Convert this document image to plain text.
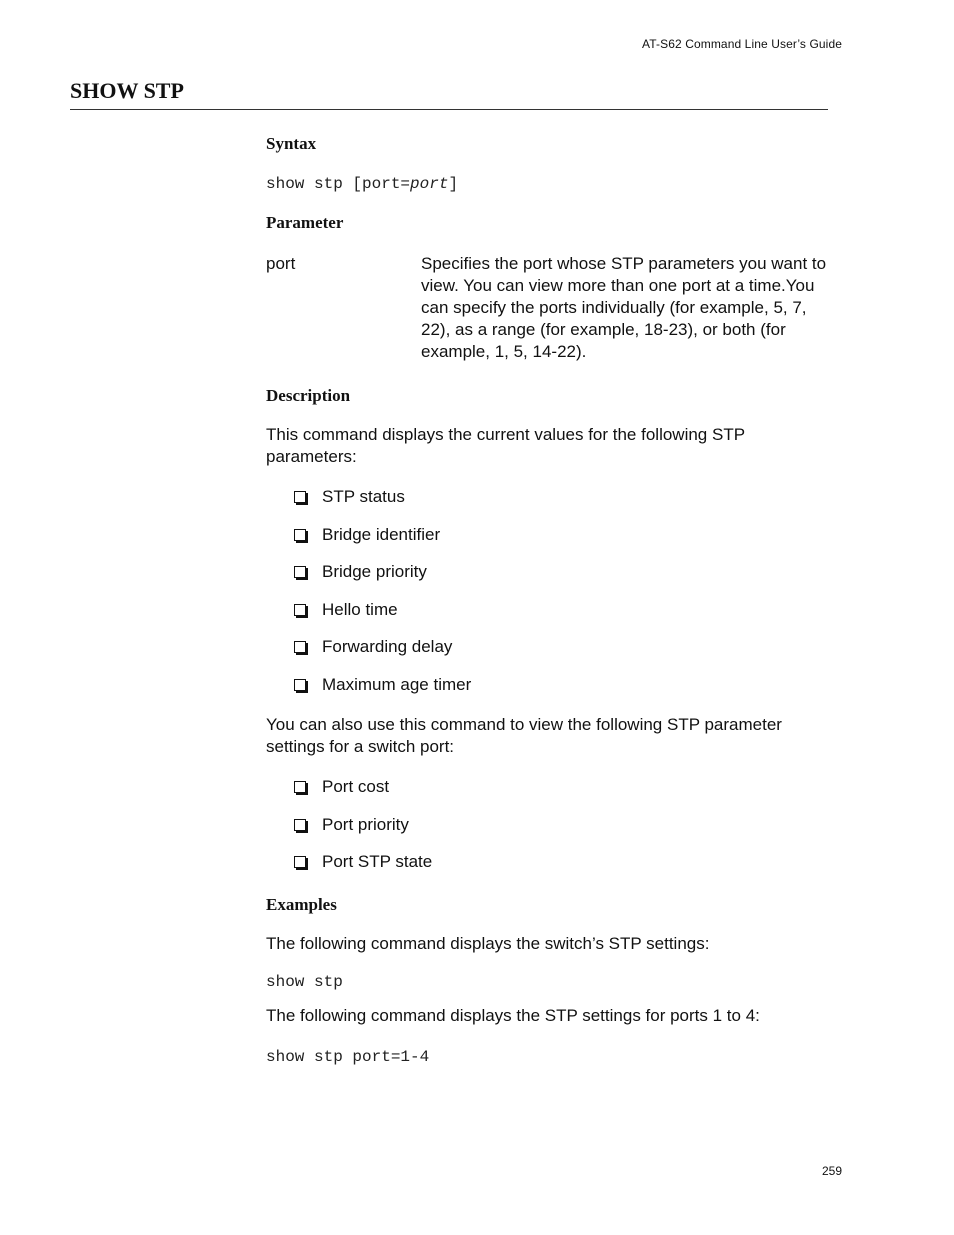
AT-S62 Command Line User’s Guide
SHOW STP
Syntax
show stp [port=port]
Parameter
port	Specifies the port whose STP parameters you want to view. You can view more than one port at a time.You can specify the ports individually (for example, 5, 7, 22), as a range (for example, 18-23), or both (for example, 1, 5, 14-22).
Description

This command displays the current values for the following STP parameters:

STP status
Bridge identifier
Bridge priority
Hello time
Forwarding delay
Maximum age timer

You can also use this command to view the following STP parameter settings for a switch port:

Port cost
Port priority
Port STP state
Examples

The following command displays the switch’s STP settings:

show stp

The following command displays the STP settings for ports 1 to 4:

show stp port=1-4
259
